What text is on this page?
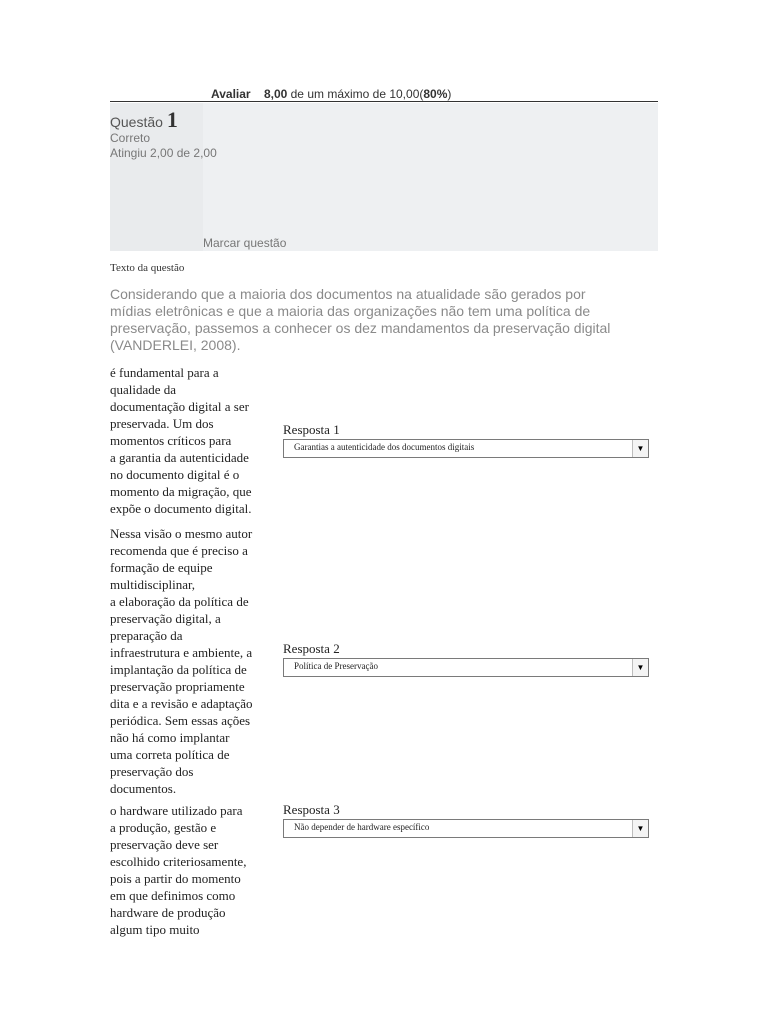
Avaliar 8,00 de um máximo de 10,00(80%)
Questão 1
Correto
Atingiu 2,00 de 2,00
Marcar questão
Texto da questão
Considerando que a maioria dos documentos na atualidade são gerados por mídias eletrônicas e que a maioria das organizações não tem uma política de preservação, passemos a conhecer os dez mandamentos da preservação digital (VANDERLEI, 2008).
é fundamental para a
qualidade da
documentação digital a ser
preservada. Um dos
momentos críticos para
a garantia da autenticidade
no documento digital é o
momento da migração, que
expõe o documento digital.
Resposta 1
Garantias a autenticidade dos documentos digitais	▼
Nessa visão o mesmo autor
recomenda que é preciso a
formação de equipe
multidisciplinar,
a elaboração da política de
preservação digital, a
preparação da
infraestrutura e ambiente, a
implantação da política de
preservação propriamente
dita e a revisão e adaptação
periódica. Sem essas ações
não há como implantar
uma correta política de
preservação dos
documentos.
Resposta 2
Política de Preservação	▼
o hardware utilizado para
a produção, gestão e
preservação deve ser
escolhido criteriosamente,
pois a partir do momento
em que definimos como
hardware de produção
algum tipo muito
Resposta 3
Não depender de hardware específico	▼
